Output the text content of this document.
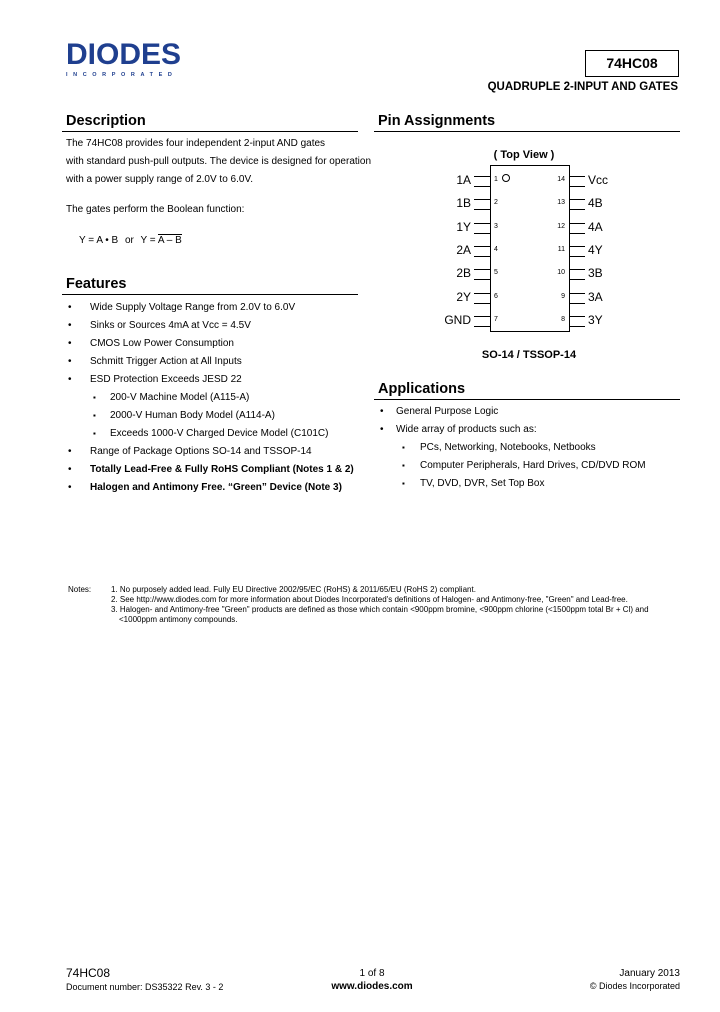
DIODES
INCORPORATED
74HC08
QUADRUPLE 2-INPUT AND GATES
Description
The 74HC08 provides four independent 2-input AND gates
with standard push-pull outputs. The device is designed for operation
with a power supply range of 2.0V to 6.0V.
The gates perform the Boolean function:
Y = A • B or Y = A – B
Features
• Wide Supply Voltage Range from 2.0V to 6.0V
• Sinks or Sources 4mA at Vᴄᴄ = 4.5V
• CMOS Low Power Consumption
• Schmitt Trigger Action at All Inputs
• ESD Protection Exceeds JESD 22
▪ 200-V Machine Model (A115-A)
▪ 2000-V Human Body Model (A114-A)
▪ Exceeds 1000-V Charged Device Model (C101C)
• Range of Package Options SO-14 and TSSOP-14
• Totally Lead-Free & Fully RoHS Compliant (Notes 1 & 2)
• Halogen and Antimony Free. “Green” Device (Note 3)
Pin Assignments
( Top View )
1A	1
1B	2
1Y	3
2A	4
2B	5
2Y	6
GND	7
14 Vcc
13 4B
12 4A
11 4Y
10 3B
9 3A
8 3Y
SO-14 / TSSOP-14
Applications
• General Purpose Logic
• Wide array of products such as:
▪ PCs, Networking, Notebooks, Netbooks
▪ Computer Peripherals, Hard Drives, CD/DVD ROM
▪ TV, DVD, DVR, Set Top Box
Notes: 1. No purposely added lead. Fully EU Directive 2002/95/EC (RoHS) & 2011/65/EU (RoHS 2) compliant.
2. See http://www.diodes.com for more information about Diodes Incorporated's definitions of Halogen- and Antimony-free, "Green" and Lead-free.
3. Halogen- and Antimony-free "Green" products are defined as those which contain <900ppm bromine, <900ppm chlorine (<1500ppm total Br + Cl) and
<1000ppm antimony compounds.
74HC08
Document number: DS35322 Rev. 3 - 2
1 of 8
www.diodes.com
January 2013
© Diodes Incorporated
